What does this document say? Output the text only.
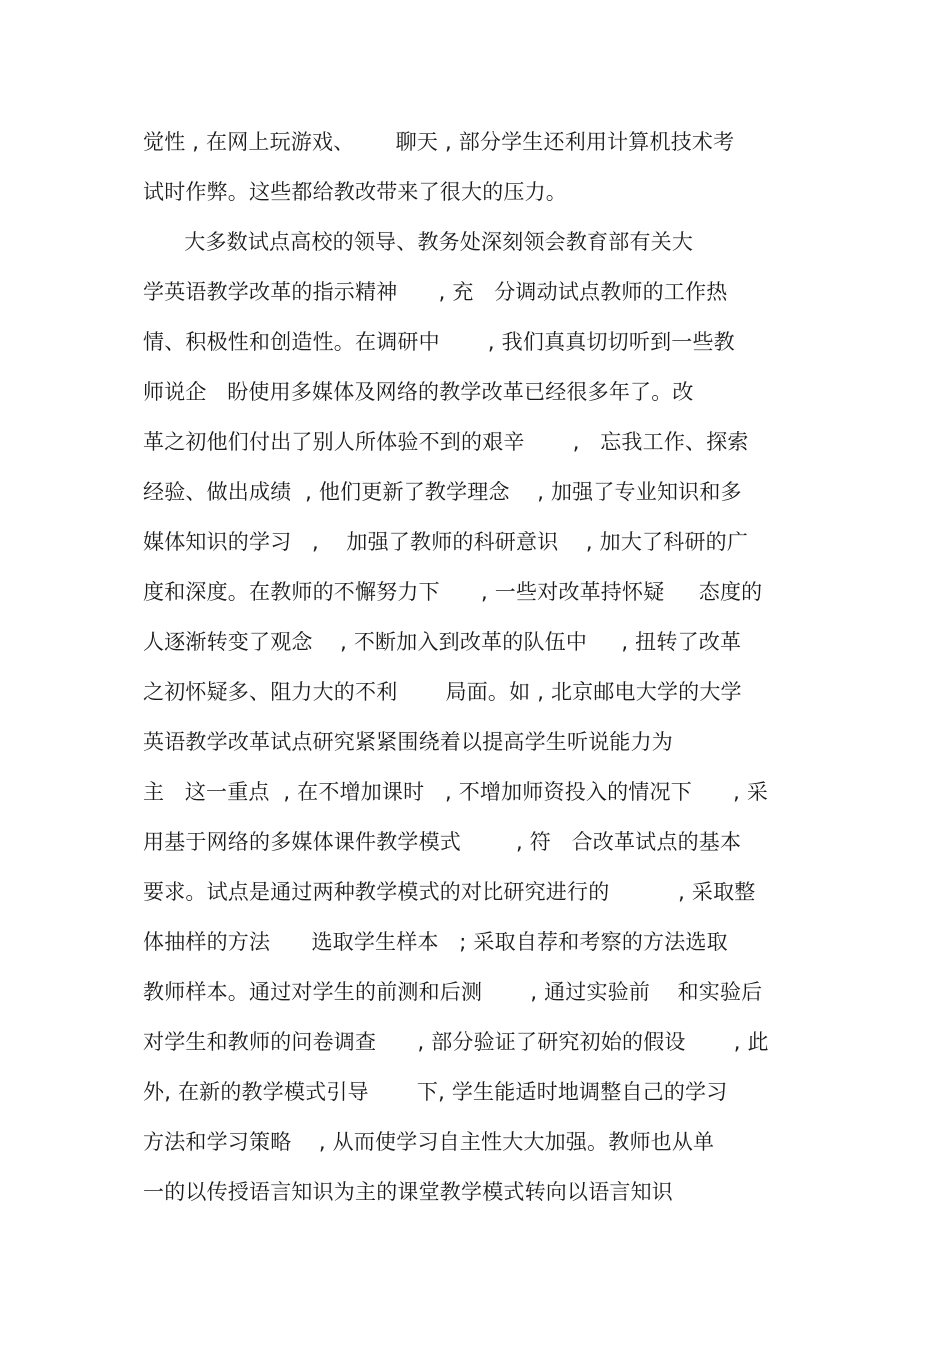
觉性 , 在网上玩游戏、      聊天 , 部分学生还利用计算机技术考
试时作弊。这些都给教改带来了很大的压力。
大多数试点高校的领导、教务处深刻领会教育部有关大
学英语教学改革的指示精神      , 充   分调动试点教师的工作热
情、积极性和创造性。在调研中       , 我们真真切切听到一些教
师说企   盼使用多媒体及网络的教学改革已经很多年了。改
革之初他们付出了别人所体验不到的艰辛       ,   忘我工作、探索
经验、做出成绩  , 他们更新了教学理念    , 加强了专业知识和多
媒体知识的学习   ,    加强了教师的科研意识    , 加大了科研的广
度和深度。在教师的不懈努力下      , 一些对改革持怀疑     态度的
人逐渐转变了观念    , 不断加入到改革的队伍中     , 扭转了改革
之初怀疑多、阻力大的不利       局面。如 , 北京邮电大学的大学
英语教学改革试点研究紧紧围绕着以提高学生听说能力为
主   这一重点  , 在不增加课时   , 不增加师资投入的情况下      , 采
用基于网络的多媒体课件教学模式        , 符   合改革试点的基本
要求。试点是通过两种教学模式的对比研究进行的          , 采取整
体抽样的方法      选取学生样本   ; 采取自荐和考察的方法选取
教师样本。通过对学生的前测和后测       , 通过实验前    和实验后
对学生和教师的问卷调查      , 部分验证了研究初始的假设       , 此
外, 在新的教学模式引导       下, 学生能适时地调整自己的学习
方法和学习策略    , 从而使学习自主性大大加强。教师也从单
一的以传授语言知识为主的课堂教学模式转向以语言知识
